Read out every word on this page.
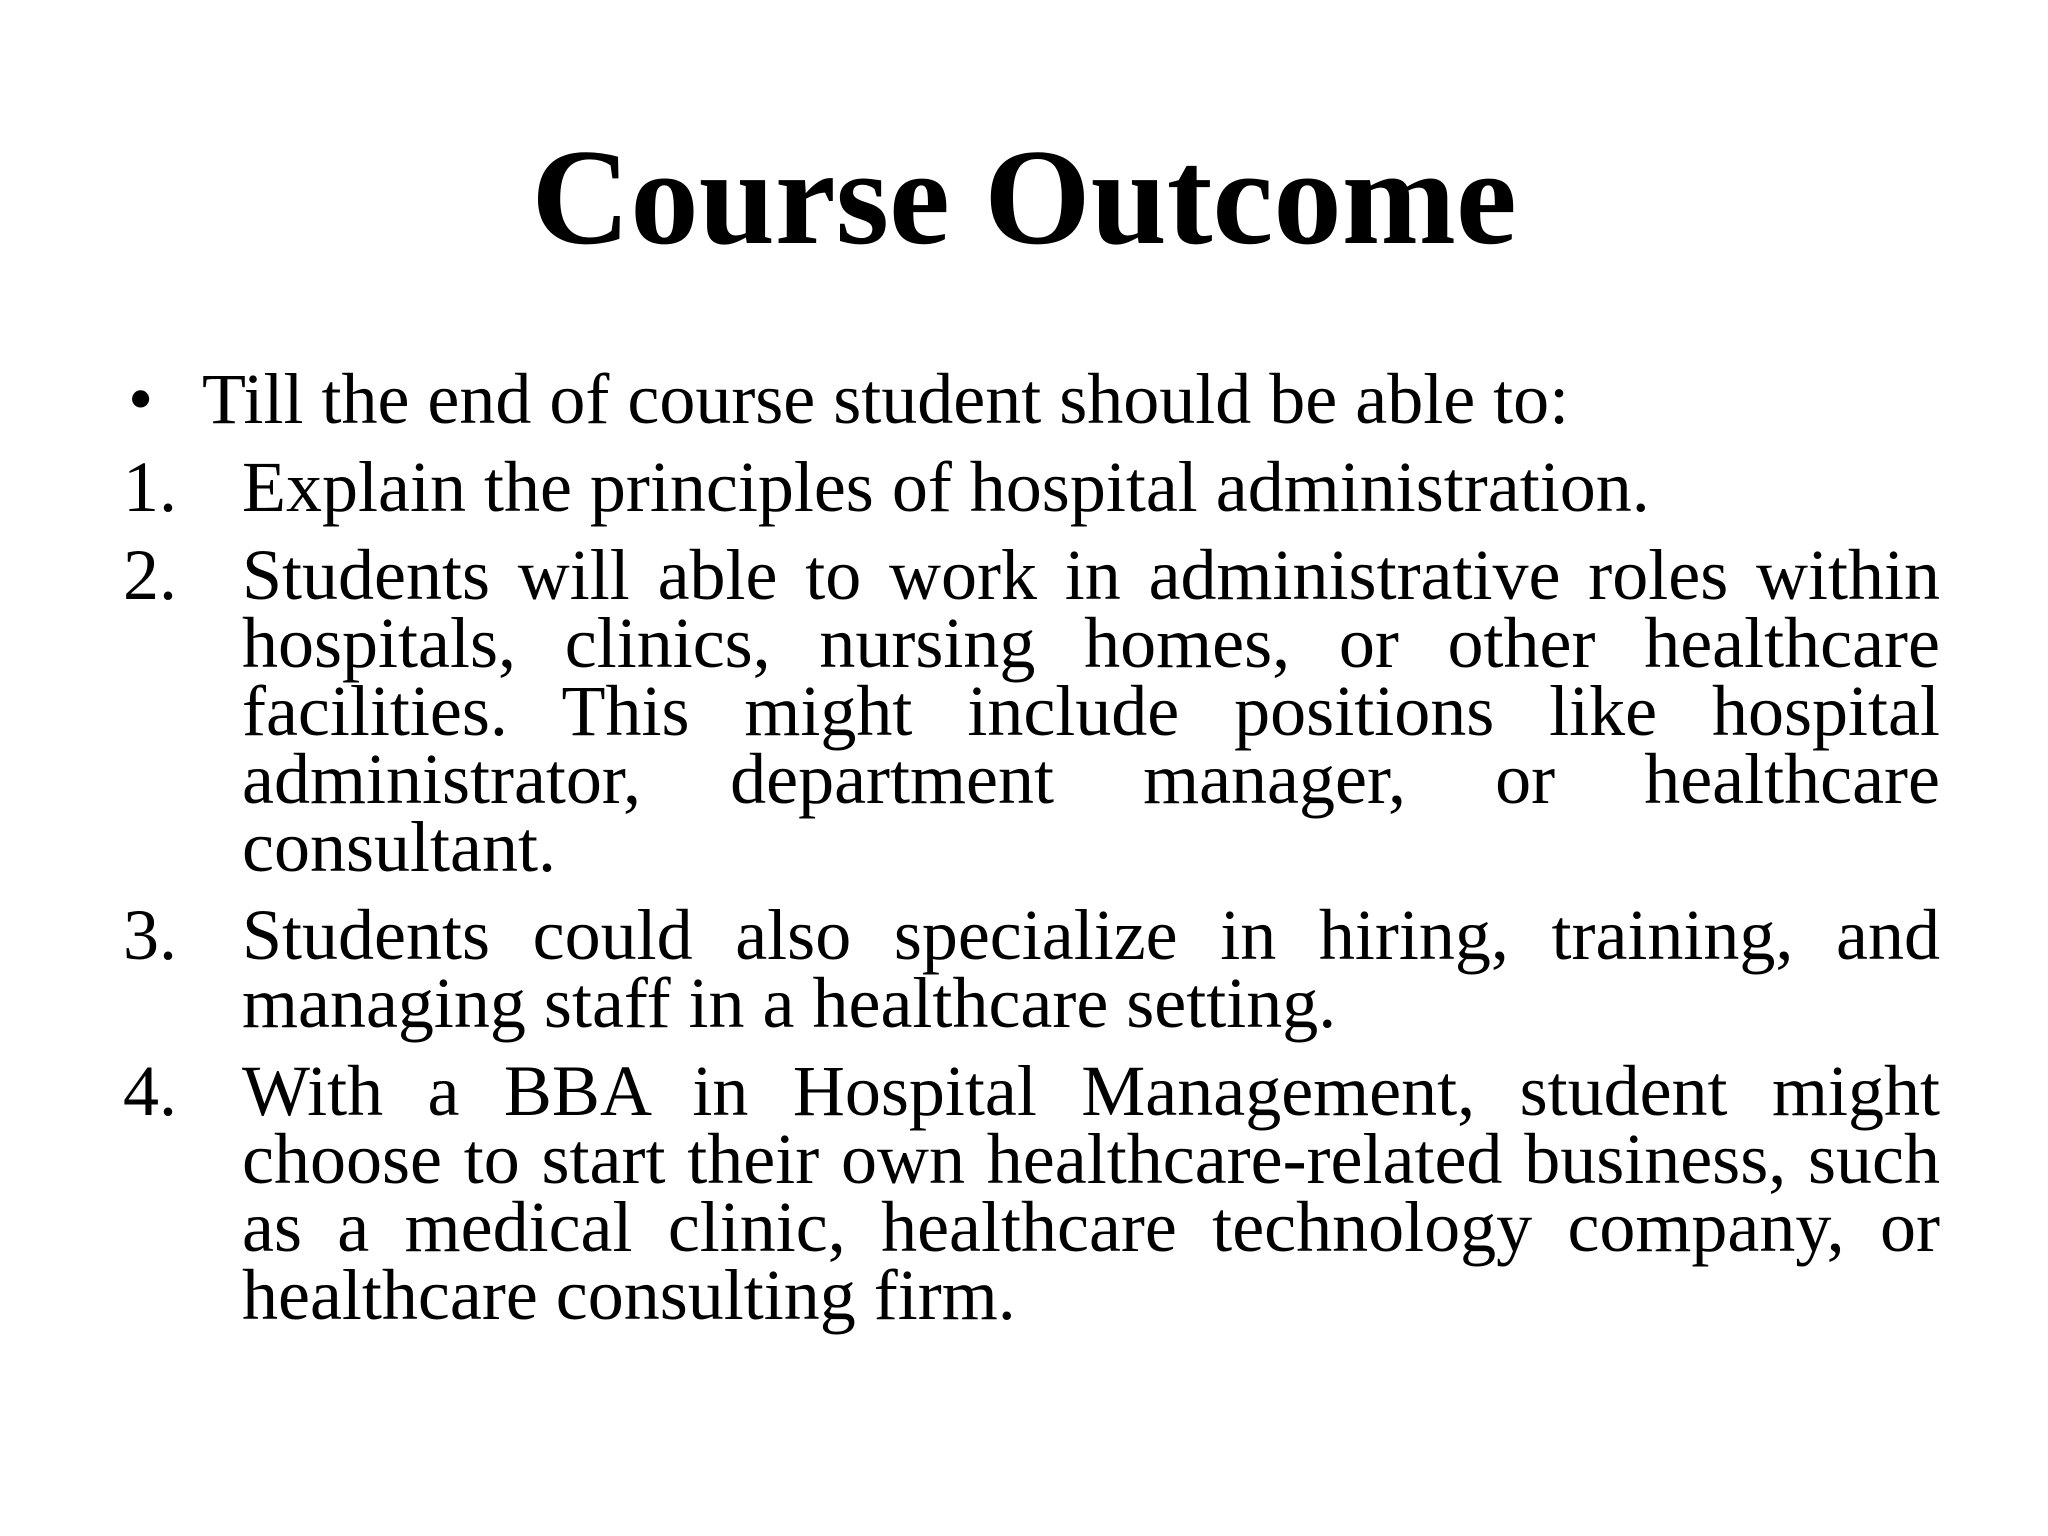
Course Outcome
• Till the end of course student should be able to:
1. Explain the principles of hospital administration.
2. Students will able to work in administrative roles within hospitals, clinics, nursing homes, or other healthcare facilities. This might include positions like hospital administrator, department manager, or healthcare consultant.
3. Students could also specialize in hiring, training, and managing staff in a healthcare setting.
4. With a BBA in Hospital Management, student might choose to start their own healthcare-related business, such as a medical clinic, healthcare technology company, or healthcare consulting firm.
